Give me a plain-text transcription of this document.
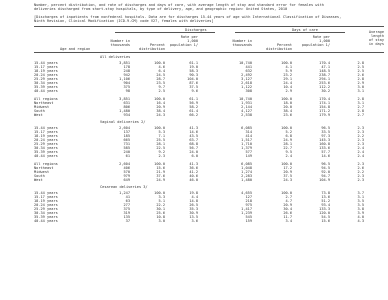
Number, percent distribution, and rate of discharges and days of care, with average length of stay and standard error for females with
deliveries discharged from short-stay hospitals, by type of delivery, age, and geographic region: United States, 2010
[Discharges of inpatients from nonfederal hospitals. Data are for discharges 15-44 years of age with International Classification of Diseases,
Ninth Revision, Clinical Modification (ICD-9-CM) code V27, females with deliveries]
Discharges	Days of care
Number in
thousands	Percent
distribution
Rate per
1,000
population 1/
Number in
thousands	Percent
distribution
Rate per
1,000
population 1/
Average
length
of stay
in days
Age and region
All deliveries
15-44 years	3,851	100.0	61.1	10,740	100.0	170.4	2.8
15-17 years	178	4.6	19.0	441	4.1	47.1	2.5
18-19 years	248	6.4	58.3	632	5.9	148.5	2.5
20-24 years	942	24.5	90.3	2,492	23.2	238.7	2.6
25-29 years	1,106	28.7	104.0	3,127	29.1	294.1	2.8
30-34 years	904	23.5	87.6	2,618	24.4	253.6	2.9
35-39 years	375	9.7	37.5	1,122	10.4	112.2	3.0
40-44 years	98	2.5	9.6	308	2.9	30.2	3.1
All regions	3,851	100.0	61.1	10,740	100.0	170.4	2.8
Northeast	631	16.4	56.9	1,931	18.0	174.1	3.1
Midwest	806	20.9	58.2	2,144	20.0	154.8	2.7
South	1,480	38.4	61.4	4,127	38.4	171.2	2.8
West	934	24.3	66.2	2,538	23.6	179.9	2.7
Vaginal deliveries 2/
15-44 years	2,604	100.0	41.3	6,085	100.0	96.5	2.3
15-17 years	137	5.3	14.6	314	5.2	33.5	2.3
18-19 years	185	7.1	43.5	414	6.8	97.3	2.2
20-24 years	665	25.5	63.7	1,517	24.9	145.3	2.3
25-29 years	731	28.1	68.8	1,710	28.1	160.8	2.3
30-34 years	585	22.5	56.7	1,379	22.7	133.6	2.4
35-39 years	240	9.2	24.0	577	9.5	57.7	2.4
40-44 years	61	2.3	6.0	149	2.4	14.6	2.4
All regions	2,604	100.0	41.3	6,085	100.0	96.5	2.3
Northeast	406	15.6	36.6	1,048	17.2	94.5	2.6
Midwest	570	21.9	41.2	1,274	20.9	92.0	2.2
South	979	37.6	40.6	2,283	37.5	94.7	2.3
West	649	24.9	46.0	1,480	24.3	104.9	2.3
Cesarean deliveries 3/
15-44 years	1,247	100.0	19.8	4,655	100.0	73.8	3.7
15-17 years	41	3.3	4.4	127	2.7	13.6	3.1
18-19 years	63	5.1	14.8	218	4.7	51.2	3.5
20-24 years	277	22.2	26.5	975	20.9	93.4	3.5
25-29 years	375	30.1	35.3	1,417	30.4	133.3	3.8
30-34 years	319	25.6	30.9	1,239	26.6	120.0	3.9
35-39 years	135	10.8	13.5	545	11.7	54.5	4.0
40-44 years	37	3.0	3.6	159	3.4	15.6	4.3
